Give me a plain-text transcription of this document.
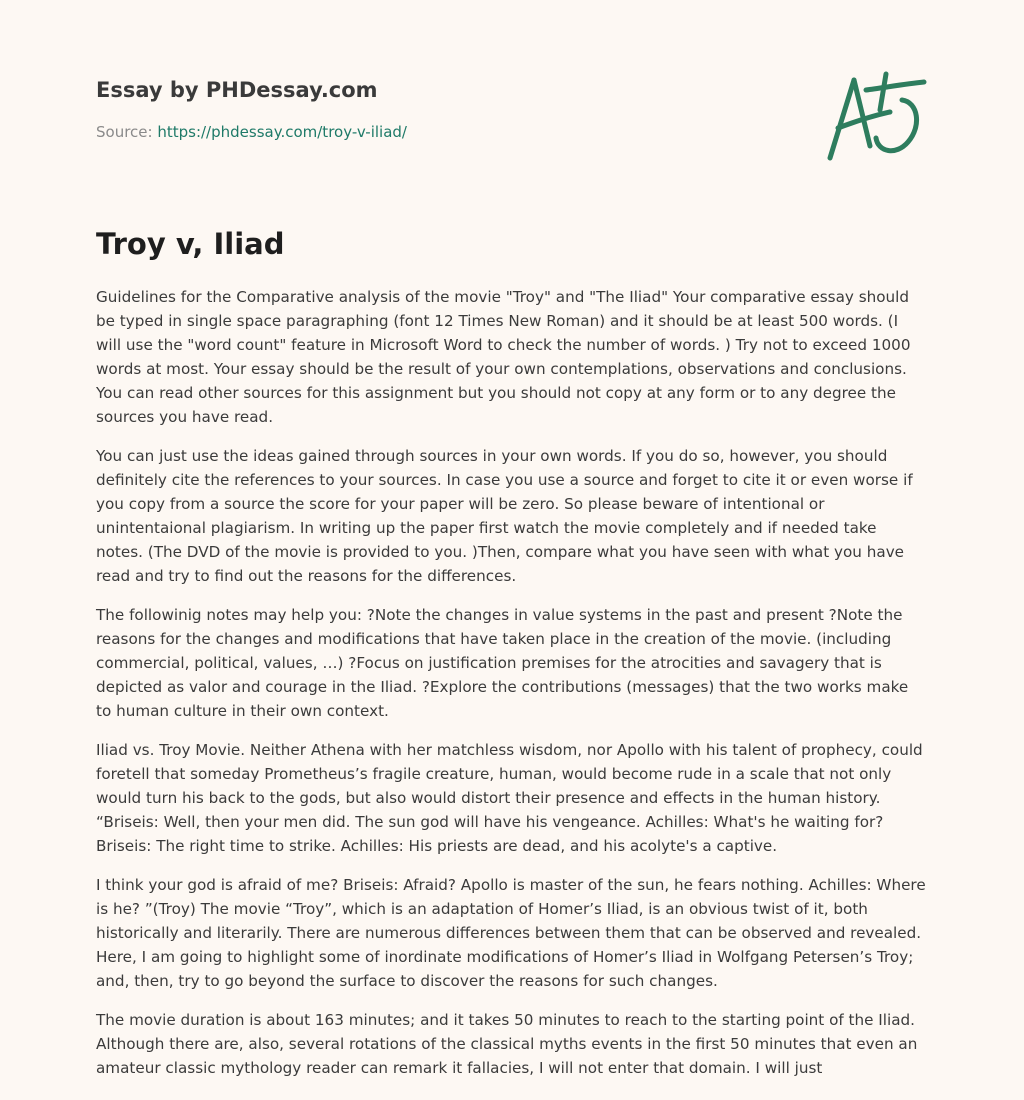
Essay by PHDessay.com
Source: https://phdessay.com/troy-v-iliad/
Troy v, Iliad

Guidelines for the Comparative analysis of the movie "Troy" and "The Iliad" Your comparative essay should be typed in single space paragraphing (font 12 Times New Roman) and it should be at least 500 words. (I will use the "word count" feature in Microsoft Word to check the number of words. ) Try not to exceed 1000 words at most. Your essay should be the result of your own contemplations, observations and conclusions. You can read other sources for this assignment but you should not copy at any form or to any degree the sources you have read.

You can just use the ideas gained through sources in your own words. If you do so, however, you should definitely cite the references to your sources. In case you use a source and forget to cite it or even worse if you copy from a source the score for your paper will be zero. So please beware of intentional or unintentaional plagiarism. In writing up the paper first watch the movie completely and if needed take notes. (The DVD of the movie is provided to you. )Then, compare what you have seen with what you have read and try to find out the reasons for the differences.

The followinig notes may help you: ?Note the changes in value systems in the past and present ?Note the reasons for the changes and modifications that have taken place in the creation of the movie. (including commercial, political, values, …) ?Focus on justification premises for the atrocities and savagery that is depicted as valor and courage in the Iliad. ?Explore the contributions (messages) that the two works make to human culture in their own context.

Iliad vs. Troy Movie. Neither Athena with her matchless wisdom, nor Apollo with his talent of prophecy, could foretell that someday Prometheus’s fragile creature, human, would become rude in a scale that not only would turn his back to the gods, but also would distort their presence and effects in the human history. “Briseis: Well, then your men did. The sun god will have his vengeance. Achilles: What's he waiting for? Briseis: The right time to strike. Achilles: His priests are dead, and his acolyte's a captive.

I think your god is afraid of me? Briseis: Afraid? Apollo is master of the sun, he fears nothing. Achilles: Where is he? ”(Troy) The movie “Troy”, which is an adaptation of Homer’s Iliad, is an obvious twist of it, both historically and literarily. There are numerous differences between them that can be observed and revealed. Here, I am going to highlight some of inordinate modifications of Homer’s Iliad in Wolfgang Petersen’s Troy; and, then, try to go beyond the surface to discover the reasons for such changes.

The movie duration is about 163 minutes; and it takes 50 minutes to reach to the starting point of the Iliad. Although there are, also, several rotations of the classical myths events in the first 50 minutes that even an amateur classic mythology reader can remark it fallacies, I will not enter that domain. I will just
